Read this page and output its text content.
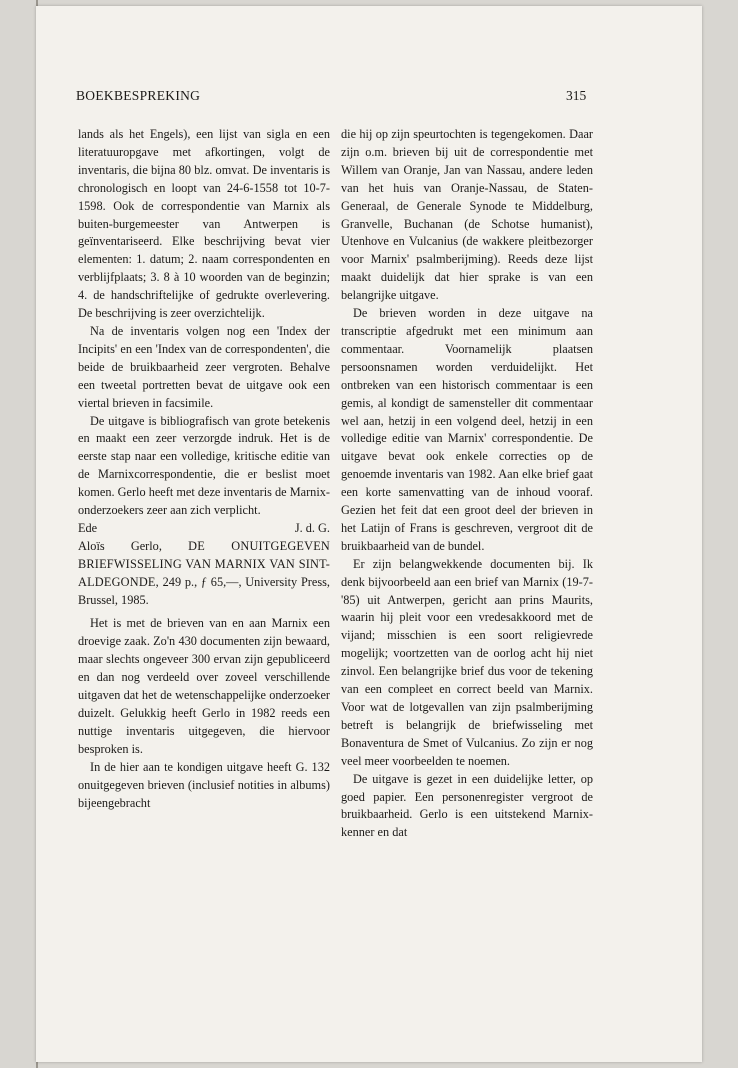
BOEKBESPREKING	315

lands als het Engels), een lijst van sigla en een literatuuropgave met afkortingen, volgt de inventaris, die bijna 80 blz. omvat. De inventaris is chronologisch en loopt van 24-6-1558 tot 10-7-1598. Ook de correspondentie van Marnix als buiten-burgemeester van Antwerpen is geïnventariseerd. Elke beschrijving bevat vier elementen: 1. datum; 2. naam correspondenten en verblijfplaats; 3. 8 à 10 woorden van de beginzin; 4. de handschriftelijke of gedrukte overlevering. De beschrijving is zeer overzichtelijk.

Na de inventaris volgen nog een 'Index der Incipits' en een 'Index van de correspondenten', die beide de bruikbaarheid zeer vergroten. Behalve een tweetal portretten bevat de uitgave ook een viertal brieven in facsimile.

De uitgave is bibliografisch van grote betekenis en maakt een zeer verzorgde indruk. Het is de eerste stap naar een volledige, kritische editie van de Marnixcorrespondentie, die er beslist moet komen. Gerlo heeft met deze inventaris de Marnix-onderzoekers zeer aan zich verplicht.

Ede	J. d. G.

Aloïs Gerlo, DE ONUITGEGEVEN BRIEFWISSELING VAN MARNIX VAN SINT-ALDEGONDE, 249 p., ƒ 65,—, University Press, Brussel, 1985.

Het is met de brieven van en aan Marnix een droevige zaak. Zo'n 430 documenten zijn bewaard, maar slechts ongeveer 300 ervan zijn gepubliceerd en dan nog verdeeld over zoveel verschillende uitgaven dat het de wetenschappelijke onderzoeker duizelt. Gelukkig heeft Gerlo in 1982 reeds een nuttige inventaris uitgegeven, die hiervoor besproken is.

In de hier aan te kondigen uitgave heeft G. 132 onuitgegeven brieven (inclusief notities in albums) bijeengebracht

die hij op zijn speurtochten is tegengekomen. Daar zijn o.m. brieven bij uit de correspondentie met Willem van Oranje, Jan van Nassau, andere leden van het huis van Oranje-Nassau, de Staten-Generaal, de Generale Synode te Middelburg, Granvelle, Buchanan (de Schotse humanist), Utenhove en Vulcanius (de wakkere pleitbezorger voor Marnix' psalmberijming). Reeds deze lijst maakt duidelijk dat hier sprake is van een belangrijke uitgave.

De brieven worden in deze uitgave na transcriptie afgedrukt met een minimum aan commentaar. Voornamelijk plaatsen persoonsnamen worden verduidelijkt. Het ontbreken van een historisch commentaar is een gemis, al kondigt de samensteller dit commentaar wel aan, hetzij in een volgend deel, hetzij in een volledige editie van Marnix' correspondentie. De uitgave bevat ook enkele correcties op de genoemde inventaris van 1982. Aan elke brief gaat een korte samenvatting van de inhoud vooraf. Gezien het feit dat een groot deel der brieven in het Latijn of Frans is geschreven, vergroot dit de bruikbaarheid van de bundel.

Er zijn belangwekkende documenten bij. Ik denk bijvoorbeeld aan een brief van Marnix (19-7-'85) uit Antwerpen, gericht aan prins Maurits, waarin hij pleit voor een vredesakkoord met de vijand; misschien is een soort religievrede mogelijk; voortzetten van de oorlog acht hij niet zinvol. Een belangrijke brief dus voor de tekening van een compleet en correct beeld van Marnix. Voor wat de lotgevallen van zijn psalmberijming betreft is belangrijk de briefwisseling met Bonaventura de Smet of Vulcanius. Zo zijn er nog veel meer voorbeelden te noemen.

De uitgave is gezet in een duidelijke letter, op goed papier. Een personenregister vergroot de bruikbaarheid. Gerlo is een uitstekend Marnix-kenner en dat
